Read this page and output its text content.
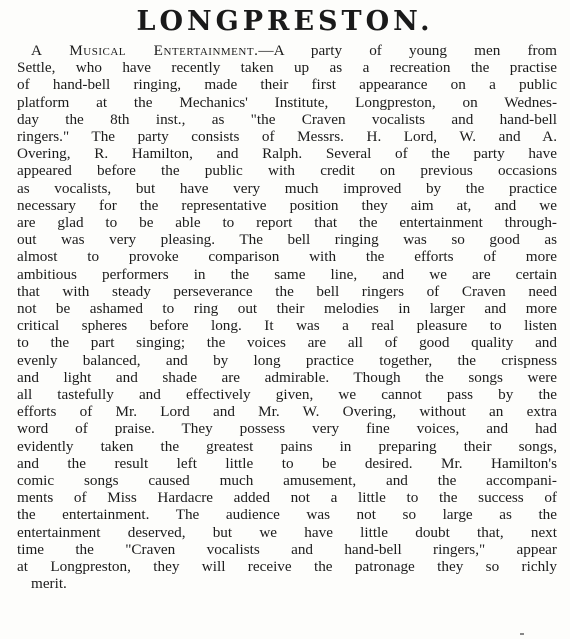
LONGPRESTON.
A Musical Entertainment.—A party of young men from
Settle, who have recently taken up as a recreation the practise
of hand-bell ringing, made their first appearance on a public
platform at the Mechanics' Institute, Longpreston, on Wednes-
day the 8th inst., as "the Craven vocalists and hand-bell
ringers." The party consists of Messrs. H. Lord, W. and A.
Overing, R. Hamilton, and Ralph. Several of the party have
appeared before the public with credit on previous occasions
as vocalists, but have very much improved by the practice
necessary for the representative position they aim at, and we
are glad to be able to report that the entertainment through-
out was very pleasing. The bell ringing was so good as
almost to provoke comparison with the efforts of more
ambitious performers in the same line, and we are certain
that with steady perseverance the bell ringers of Craven need
not be ashamed to ring out their melodies in larger and more
critical spheres before long. It was a real pleasure to listen
to the part singing; the voices are all of good quality and
evenly balanced, and by long practice together, the crispness
and light and shade are admirable. Though the songs were
all tastefully and effectively given, we cannot pass by the
efforts of Mr. Lord and Mr. W. Overing, without an extra
word of praise. They possess very fine voices, and had
evidently taken the greatest pains in preparing their songs,
and the result left little to be desired. Mr. Hamilton's
comic songs caused much amusement, and the accompani-
ments of Miss Hardacre added not a little to the success of
the entertainment. The audience was not so large as the
entertainment deserved, but we have little doubt that, next
time the "Craven vocalists and hand-bell ringers," appear
at Longpreston, they will receive the patronage they so richly
merit.
